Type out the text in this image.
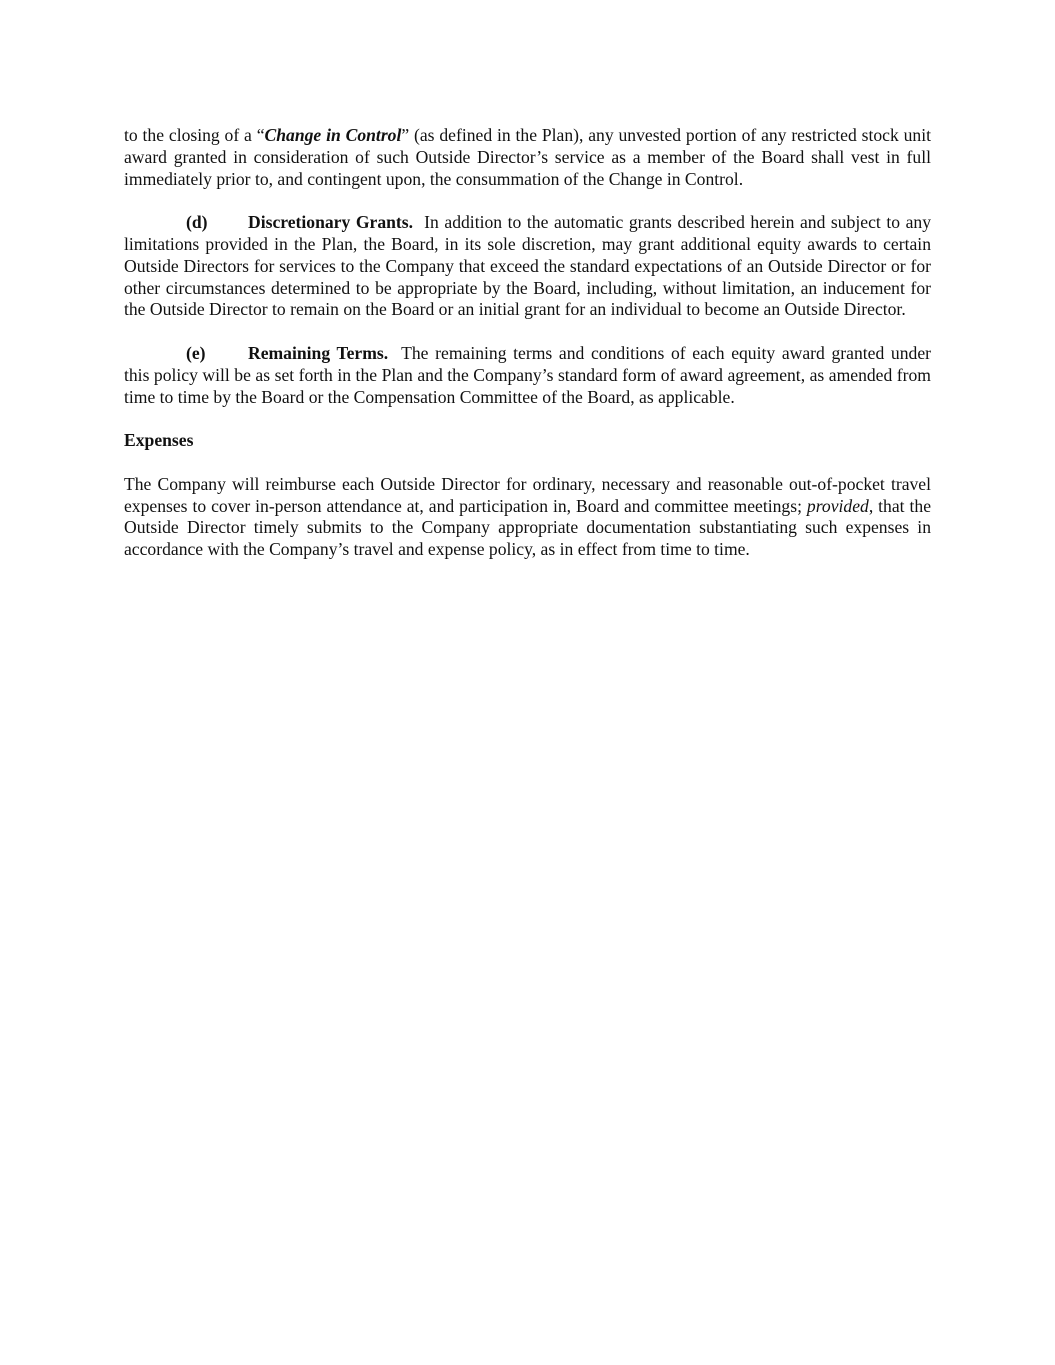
to the closing of a “Change in Control” (as defined in the Plan), any unvested portion of any restricted stock unit award granted in consideration of such Outside Director’s service as a member of the Board shall vest in full immediately prior to, and contingent upon, the consummation of the Change in Control.

(d) Discretionary Grants. In addition to the automatic grants described herein and subject to any limitations provided in the Plan, the Board, in its sole discretion, may grant additional equity awards to certain Outside Directors for services to the Company that exceed the standard expectations of an Outside Director or for other circumstances determined to be appropriate by the Board, including, without limitation, an inducement for the Outside Director to remain on the Board or an initial grant for an individual to become an Outside Director.

(e) Remaining Terms. The remaining terms and conditions of each equity award granted under this policy will be as set forth in the Plan and the Company’s standard form of award agreement, as amended from time to time by the Board or the Compensation Committee of the Board, as applicable.

Expenses

The Company will reimburse each Outside Director for ordinary, necessary and reasonable out-of-pocket travel expenses to cover in-person attendance at, and participation in, Board and committee meetings; provided, that the Outside Director timely submits to the Company appropriate documentation substantiating such expenses in accordance with the Company’s travel and expense policy, as in effect from time to time.
